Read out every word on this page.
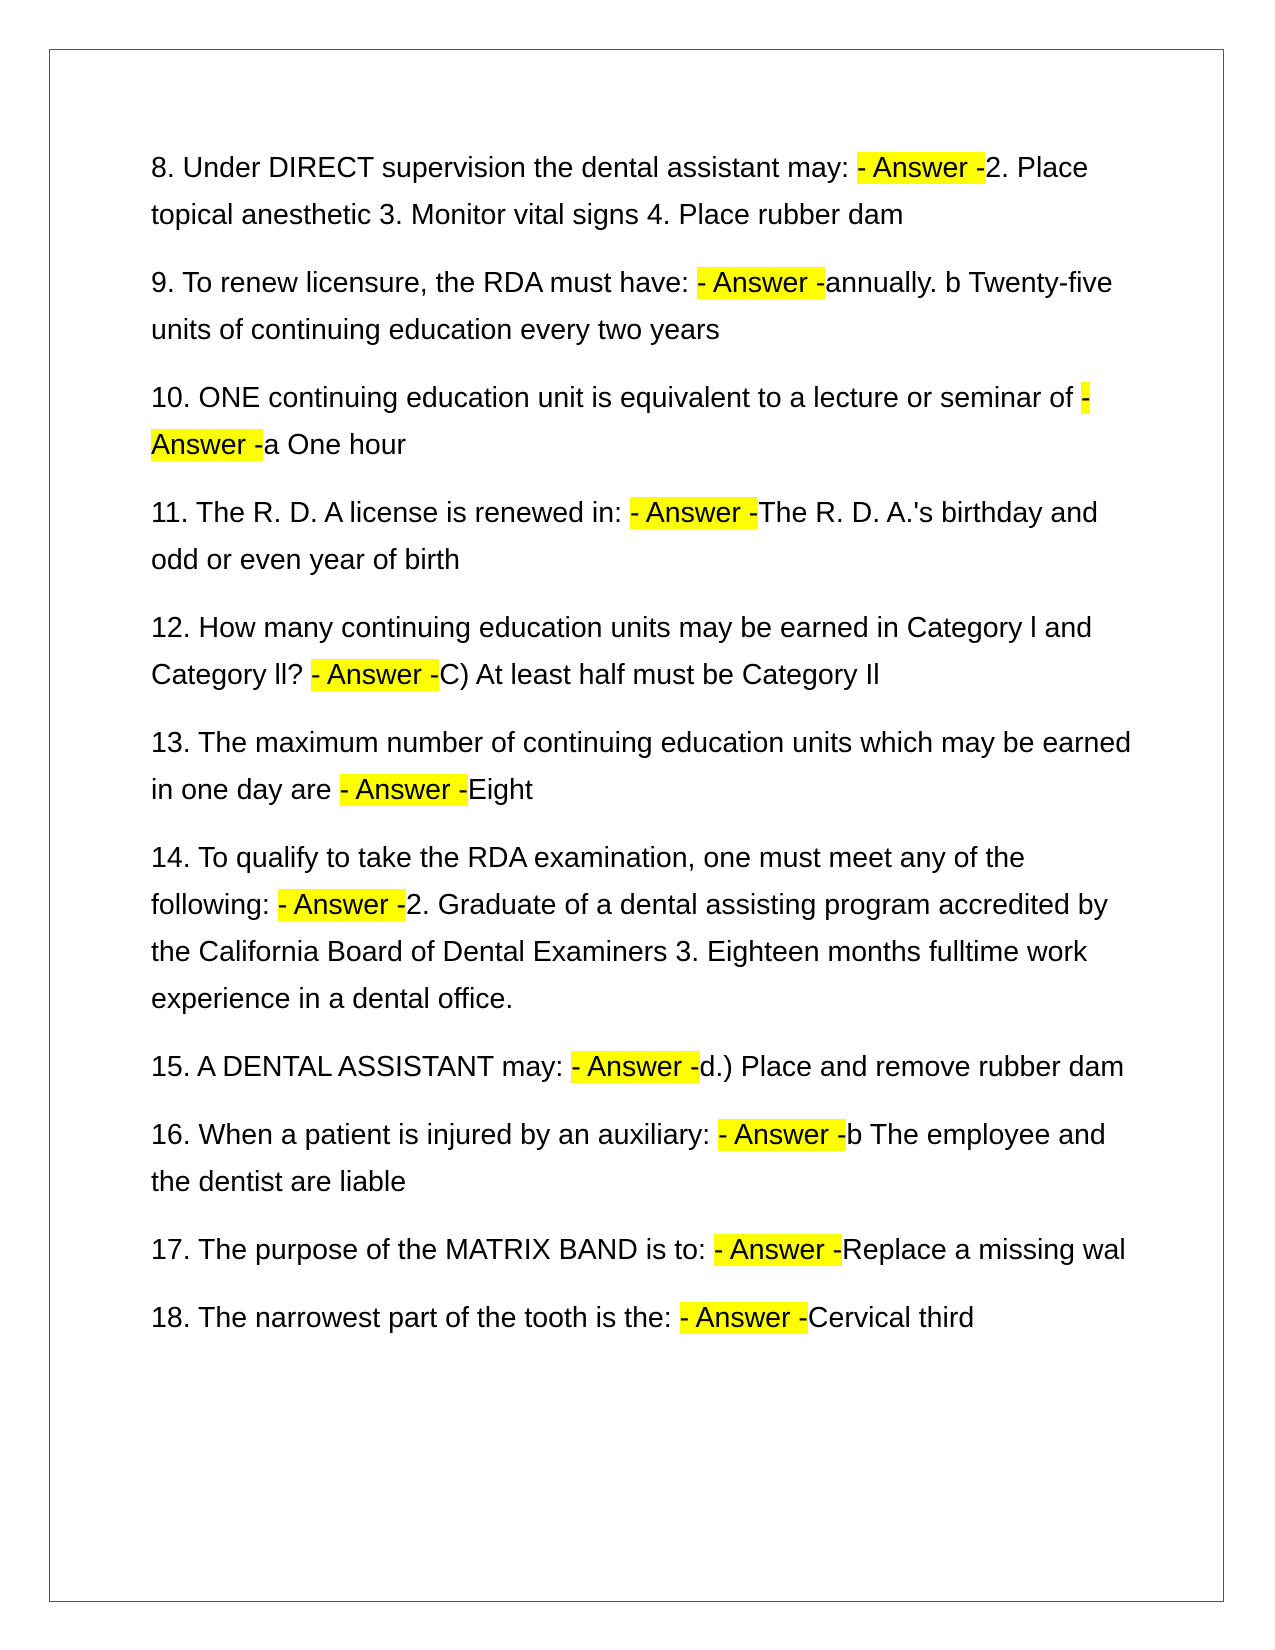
8. Under DIRECT supervision the dental assistant may: - Answer -2. Place topical anesthetic 3. Monitor vital signs 4. Place rubber dam

9. To renew licensure, the RDA must have: - Answer -annually. b Twenty-five units of continuing education every two years

10. ONE continuing education unit is equivalent to a lecture or seminar of - Answer -a One hour

11. The R. D. A license is renewed in: - Answer -The R. D. A.'s birthday and odd or even year of birth

12. How many continuing education units may be earned in Category l and Category ll? - Answer -C) At least half must be Category Il

13. The maximum number of continuing education units which may be earned in one day are - Answer -Eight

14. To qualify to take the RDA examination, one must meet any of the following: - Answer -2. Graduate of a dental assisting program accredited by the California Board of Dental Examiners 3. Eighteen months fulltime work experience in a dental office.

15. A DENTAL ASSISTANT may: - Answer -d.) Place and remove rubber dam

16. When a patient is injured by an auxiliary: - Answer -b The employee and the dentist are liable

17. The purpose of the MATRIX BAND is to: - Answer -Replace a missing wal

18. The narrowest part of the tooth is the: - Answer -Cervical third
